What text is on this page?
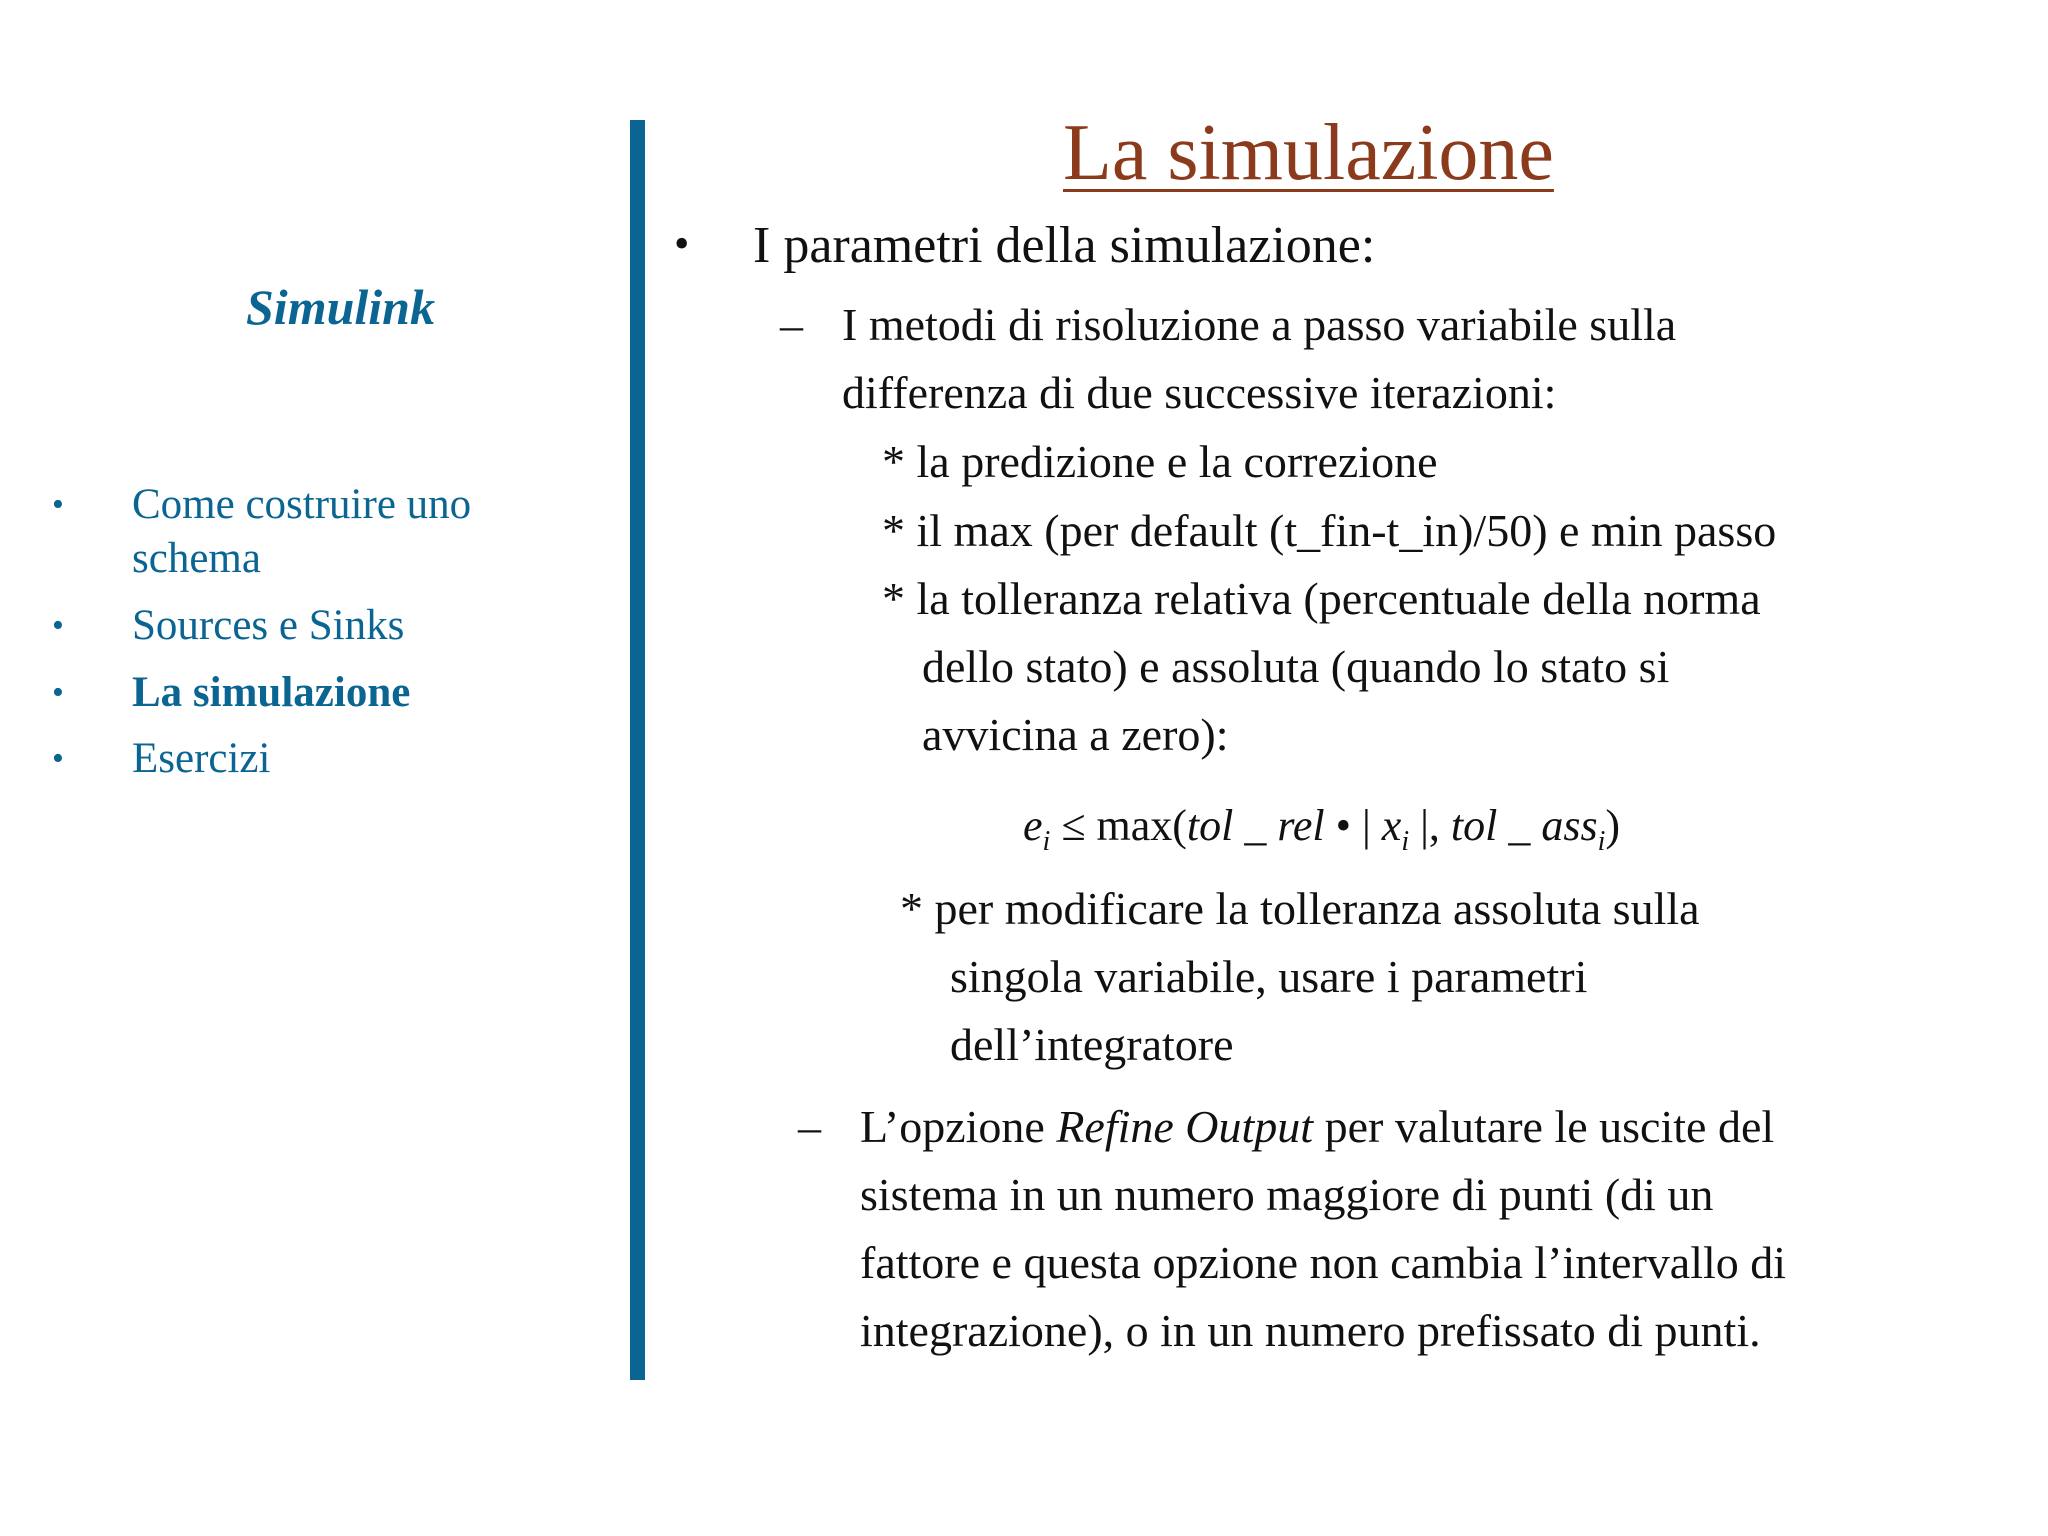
Simulink
• Come costruire uno
schema
• Sources e Sinks
• La simulazione
• Esercizi
La simulazione
• I parametri della simulazione:
– I metodi di risoluzione a passo variabile sulla
differenza di due successive iterazioni:
* la predizione e la correzione
* il max (per default (t_fin-t_in)/50) e min passo
* la tolleranza relativa (percentuale della norma
dello stato) e assoluta (quando lo stato si
avvicina a zero):
$e_i \le \max(tol$ _ rel • | $x_i$ |, tol _ ass$_i$)
* per modificare la tolleranza assoluta sulla
singola variabile, usare i parametri
dell’integratore
– L’opzione Refine Output per valutare le uscite del
sistema in un numero maggiore di punti (di un
fattore e questa opzione non cambia l’intervallo di
integrazione), o in un numero prefissato di punti.
